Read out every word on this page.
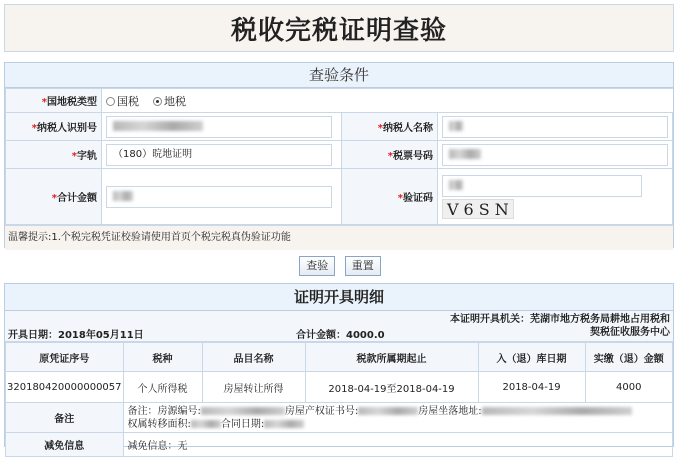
税收完税证明查验
查验条件
*国地税类型	国税 地税		
*纳税人识别号		*纳税人名称	
*字轨	（180）晥地证明	*税票号码	
*合计金额		*验证码	V6SN
温馨提示:1.个税完税凭证校验请使用首页个税完税真伪验证功能
查验 重置
证明开具明细
开具日期：2018年05月11日	合计金额：4000.0
本证明开具机关：芜湖市地方税务局耕地占用税和契税征收服务中心
原凭证序号	税种	品目名称	税款所属期起止	入（退）库日期	实缴（退）金额
320180420000000057	个人所得税	房屋转让所得	2018-04-19至2018-04-19	2018-04-19	4000
备注	备注：房源编号: 房屋产权证书号: 房屋坐落地址:
权属转移面积: 合同日期:				
减免信息	减免信息：无				
